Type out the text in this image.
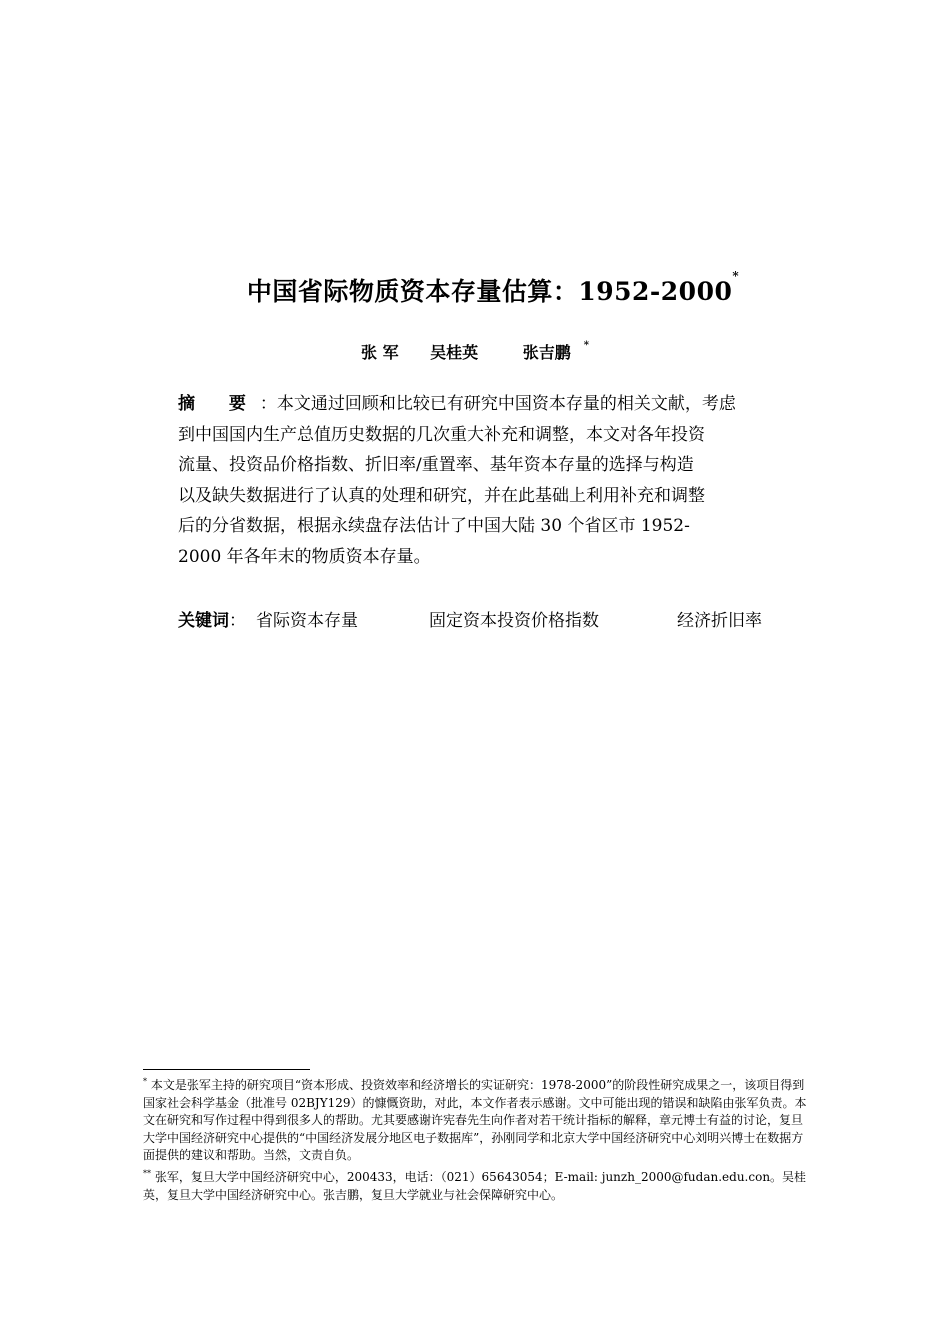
中国省际物质资本存量估算：1952-2000*
张 军 吴桂英	张吉鹏 *
摘 要：本文通过回顾和比较已有研究中国资本存量的相关文献，考虑
到中国国内生产总值历史数据的几次重大补充和调整，本文对各年投资
流量、投资品价格指数、折旧率/重置率、基年资本存量的选择与构造
以及缺失数据进行了认真的处理和研究，并在此基础上利用补充和调整
后的分省数据，根据永续盘存法估计了中国大陆 30 个省区市 1952-
2000 年各年末的物质资本存量。
关键词： 省际资本存量	固定资本投资价格指数	经济折旧率

* 本文是张军主持的研究项目“资本形成、投资效率和经济增长的实证研究：1978-2000”的阶段性研究成果之一，该项目得到国家社会科学基金（批准号 02BJY129）的慷慨资助，对此，本文作者表示感谢。文中可能出现的错误和缺陷由张军负责。本文在研究和写作过程中得到很多人的帮助。尤其要感谢许宪春先生向作者对若干统计指标的解释，章元博士有益的讨论，复旦大学中国经济研究中心提供的“中国经济发展分地区电子数据库”，孙刚同学和北京大学中国经济研究中心刘明兴博士在数据方面提供的建议和帮助。当然，文责自负。

** 张军，复旦大学中国经济研究中心，200433，电话：（021）65643054；E-mail: junzh_2000@fudan.edu.con。吴桂英，复旦大学中国经济研究中心。张吉鹏，复旦大学就业与社会保障研究中心。
